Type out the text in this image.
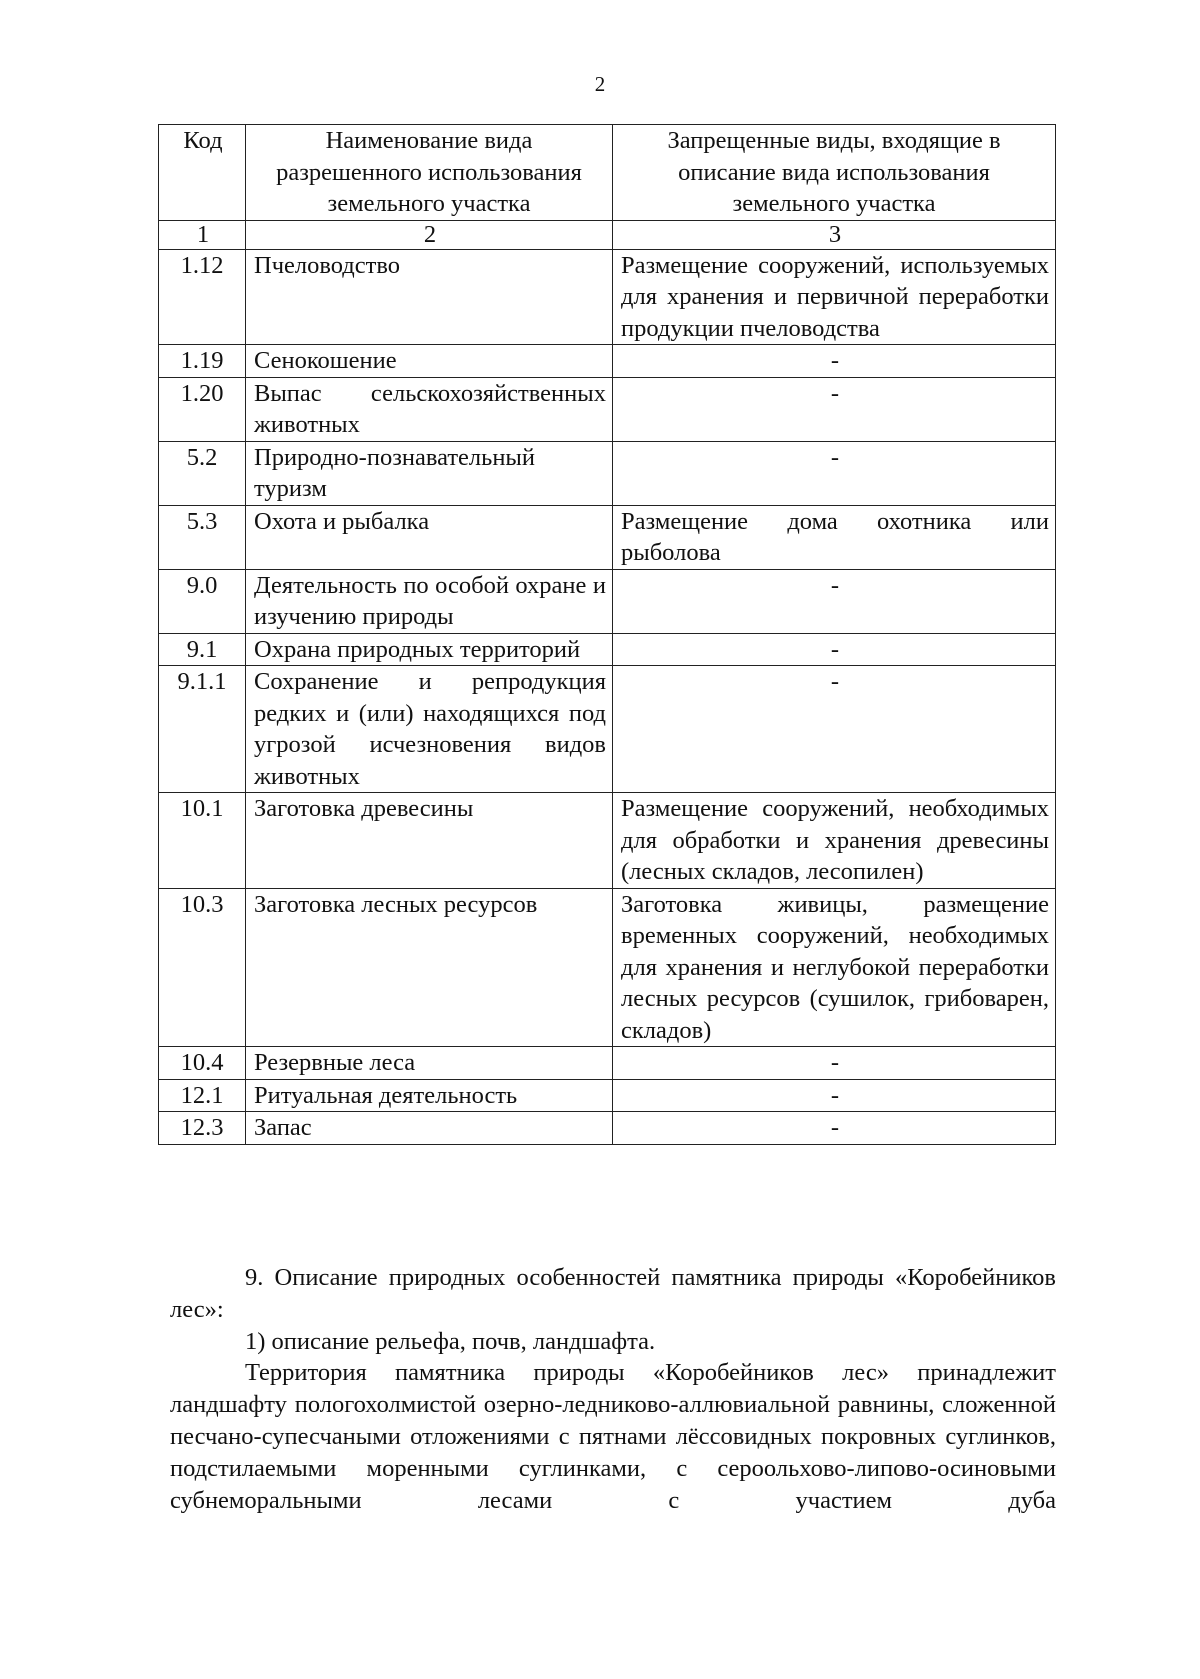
2
Код	Наименование вида разрешенного использования земельного участка	Запрещенные виды, входящие в описание вида использования земельного участка
1	2	3
1.12	Пчеловодство	Размещение сооружений, используемых для хранения и первичной переработки продукции пчеловодства
1.19	Сенокошение	-
1.20	Выпас сельскохозяйственных животных	-
5.2	Природно-познавательный туризм	-
5.3	Охота и рыбалка	Размещение дома охотника или рыболова
9.0	Деятельность по особой охране и изучению природы	-
9.1	Охрана природных территорий	-
9.1.1	Сохранение и репродукция редких и (или) находящихся под угрозой исчезновения видов животных	-
10.1	Заготовка древесины	Размещение сооружений, необходимых для обработки и хранения древесины (лесных складов, лесопилен)
10.3	Заготовка лесных ресурсов	Заготовка живицы, размещение временных сооружений, необходимых для хранения и неглубокой переработки лесных ресурсов (сушилок, грибоварен, складов)
10.4	Резервные леса	-
12.1	Ритуальная деятельность	-
12.3	Запас	-

9. Описание природных особенностей памятника природы «Коробейников лес»:

1) описание рельефа, почв, ландшафта.

Территория памятника природы «Коробейников лес» принадлежит ландшафту пологохолмистой озерно-ледниково-аллювиальной равнины, сложенной песчано-супесчаными отложениями с пятнами лёссовидных покровных суглинков, подстилаемыми моренными суглинками, с сероольхово-липово-осиновыми субнеморальными лесами с участием дуба
